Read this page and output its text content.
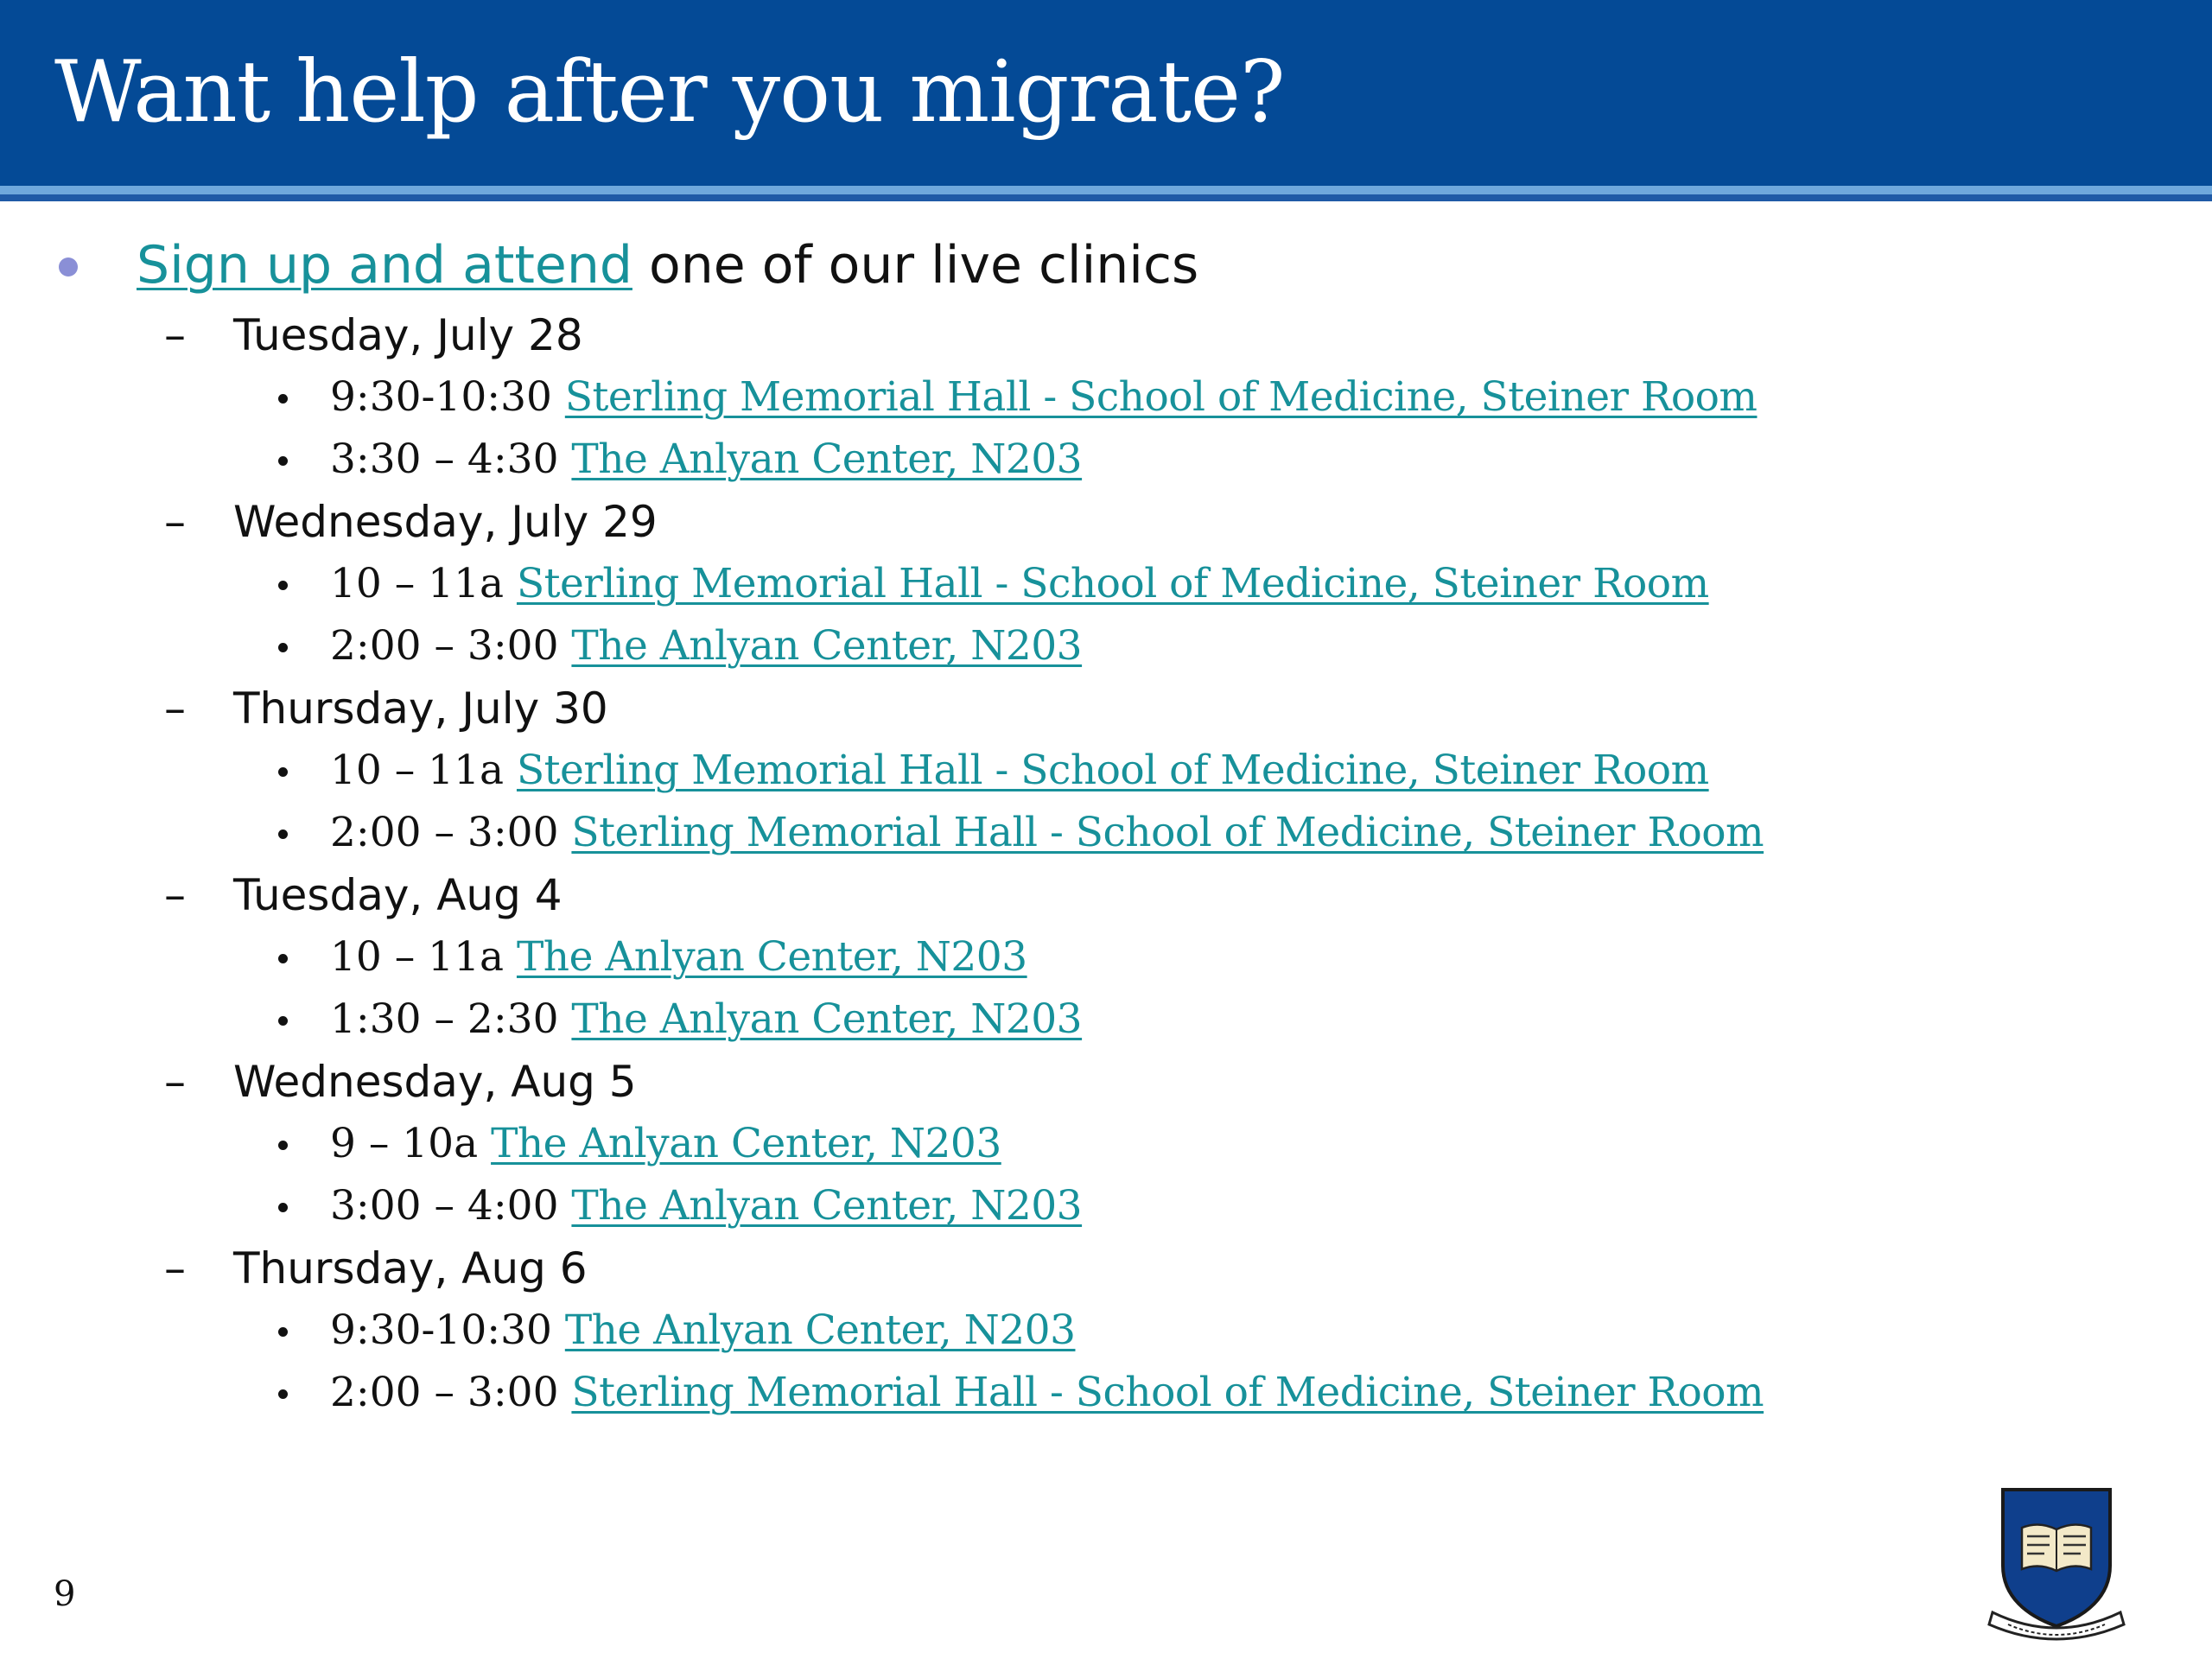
Want help after you migrate?
Sign up and attend one of our live clinics
– Tuesday, July 28
9:30-10:30 Sterling Memorial Hall - School of Medicine, Steiner Room
3:30 – 4:30 The Anlyan Center, N203
– Wednesday, July 29
10 – 11a Sterling Memorial Hall - School of Medicine, Steiner Room
2:00 – 3:00 The Anlyan Center, N203
– Thursday, July 30
10 – 11a Sterling Memorial Hall - School of Medicine, Steiner Room
2:00 – 3:00 Sterling Memorial Hall - School of Medicine, Steiner Room
– Tuesday, Aug 4
10 – 11a The Anlyan Center, N203
1:30 – 2:30 The Anlyan Center, N203
– Wednesday, Aug 5
9 – 10a The Anlyan Center, N203
3:00 – 4:00 The Anlyan Center, N203
– Thursday, Aug 6
9:30-10:30 The Anlyan Center, N203
2:00 – 3:00 Sterling Memorial Hall - School of Medicine, Steiner Room
9
